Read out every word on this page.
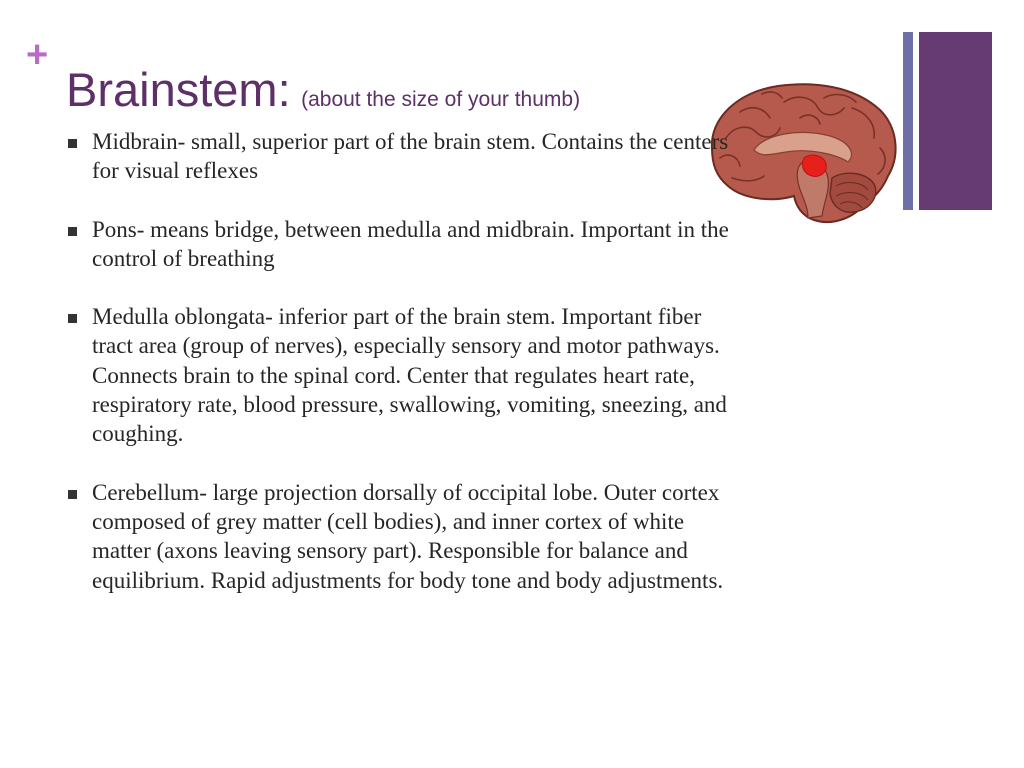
+
Brainstem: (about the size of your thumb)
Midbrain- small, superior part of the brain stem. Contains the centers for visual reflexes
Pons- means bridge, between medulla and midbrain. Important in the control of breathing
Medulla oblongata- inferior part of the brain stem. Important fiber tract area (group of nerves), especially sensory and motor pathways. Connects brain to the spinal cord. Center that regulates heart rate, respiratory rate, blood pressure, swallowing, vomiting, sneezing, and coughing.
Cerebellum- large projection dorsally of occipital lobe. Outer cortex composed of grey matter (cell bodies), and inner cortex of white matter (axons leaving sensory part). Responsible for balance and equilibrium. Rapid adjustments for body tone and body adjustments.
